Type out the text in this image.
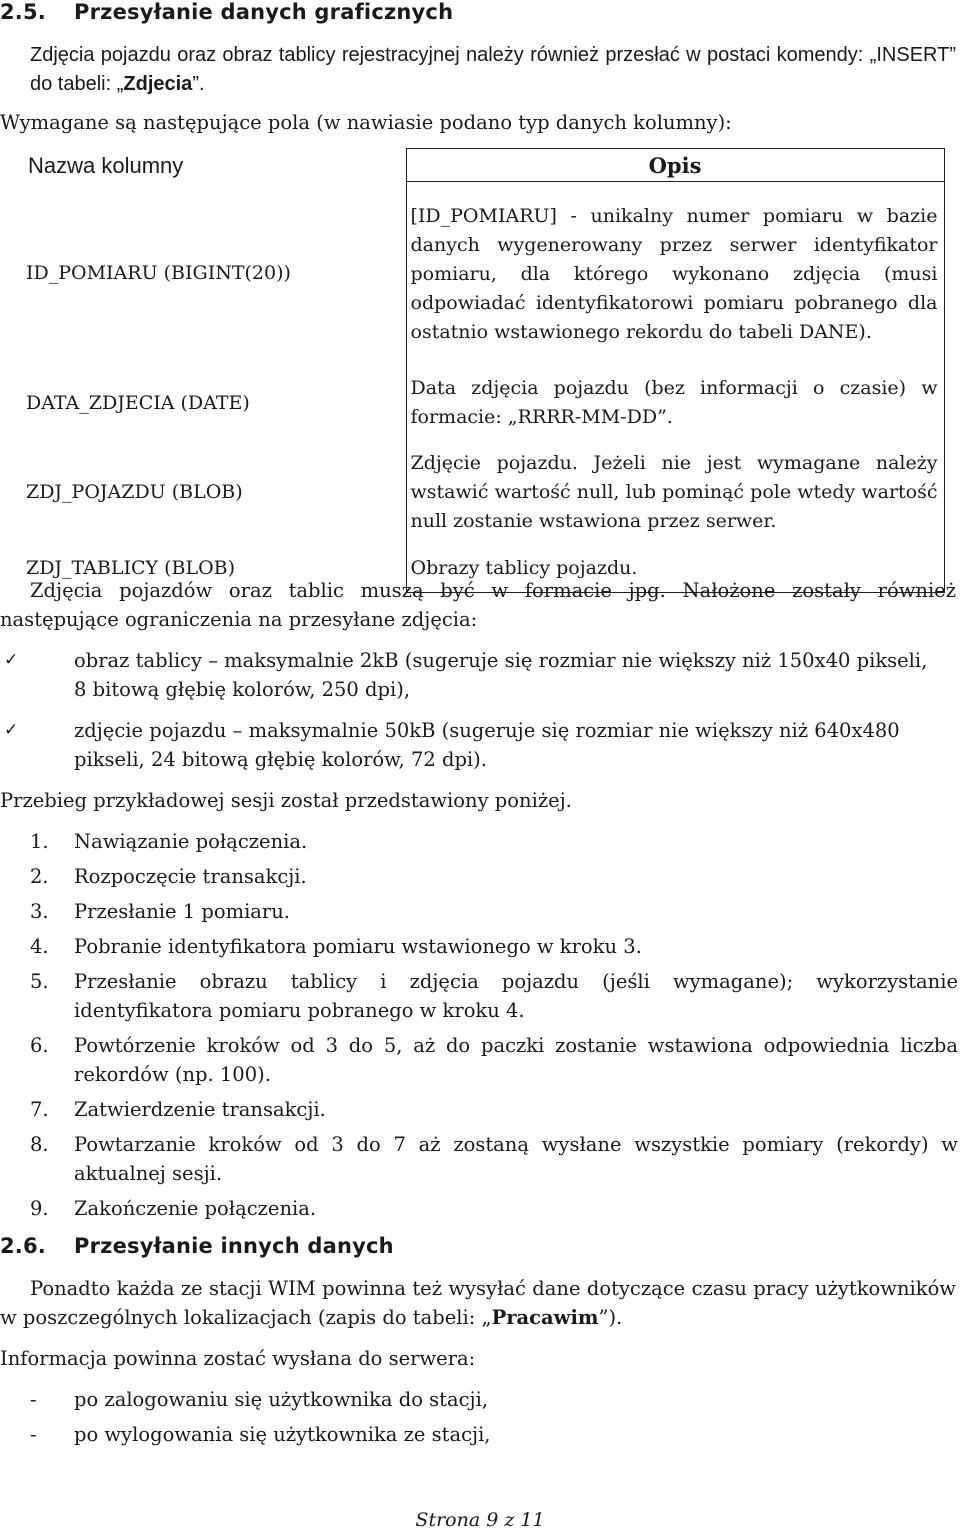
2.5. Przesyłanie danych graficznych
Zdjęcia pojazdu oraz obraz tablicy rejestracyjnej należy również przesłać w postaci komendy: „INSERT” do tabeli: „Zdjecia”.
Wymagane są następujące pola (w nawiasie podano typ danych kolumny):
Nazwa kolumny	Opis
ID_POMIARU (BIGINT(20))	[ID_POMIARU] - unikalny numer pomiaru w bazie danych wygenerowany przez serwer identyfikator pomiaru, dla którego wykonano zdjęcia (musi odpowiadać identyfikatorowi pomiaru pobranego dla ostatnio wstawionego rekordu do tabeli DANE).
DATA_ZDJECIA (DATE)	Data zdjęcia pojazdu (bez informacji o czasie) w formacie: „RRRR-MM-DD”.
ZDJ_POJAZDU (BLOB)	Zdjęcie pojazdu. Jeżeli nie jest wymagane należy wstawić wartość null, lub pominąć pole wtedy wartość null zostanie wstawiona przez serwer.
ZDJ_TABLICY (BLOB)	Obrazy tablicy pojazdu.
Zdjęcia pojazdów oraz tablic muszą być w formacie jpg. Nałożone zostały również następujące ograniczenia na przesyłane zdjęcia:
✓	obraz tablicy – maksymalnie 2kB (sugeruje się rozmiar nie większy niż 150x40 pikseli, 8 bitową głębię kolorów, 250 dpi),
✓	zdjęcie pojazdu – maksymalnie 50kB (sugeruje się rozmiar nie większy niż 640x480 pikseli, 24 bitową głębię kolorów, 72 dpi).
Przebieg przykładowej sesji został przedstawiony poniżej.
1. Nawiązanie połączenia.
2. Rozpoczęcie transakcji.
3. Przesłanie 1 pomiaru.
4. Pobranie identyfikatora pomiaru wstawionego w kroku 3.
5. Przesłanie obrazu tablicy i zdjęcia pojazdu (jeśli wymagane); wykorzystanie identyfikatora pomiaru pobranego w kroku 4.
6. Powtórzenie kroków od 3 do 5, aż do paczki zostanie wstawiona odpowiednia liczba rekordów (np. 100).
7. Zatwierdzenie transakcji.
8. Powtarzanie kroków od 3 do 7 aż zostaną wysłane wszystkie pomiary (rekordy) w aktualnej sesji.
9. Zakończenie połączenia.
2.6. Przesyłanie innych danych
Ponadto każda ze stacji WIM powinna też wysyłać dane dotyczące czasu pracy użytkowników w poszczególnych lokalizacjach (zapis do tabeli: „Pracawim”).
Informacja powinna zostać wysłana do serwera:
- po zalogowaniu się użytkownika do stacji,
- po wylogowania się użytkownika ze stacji,
Strona 9 z 11
